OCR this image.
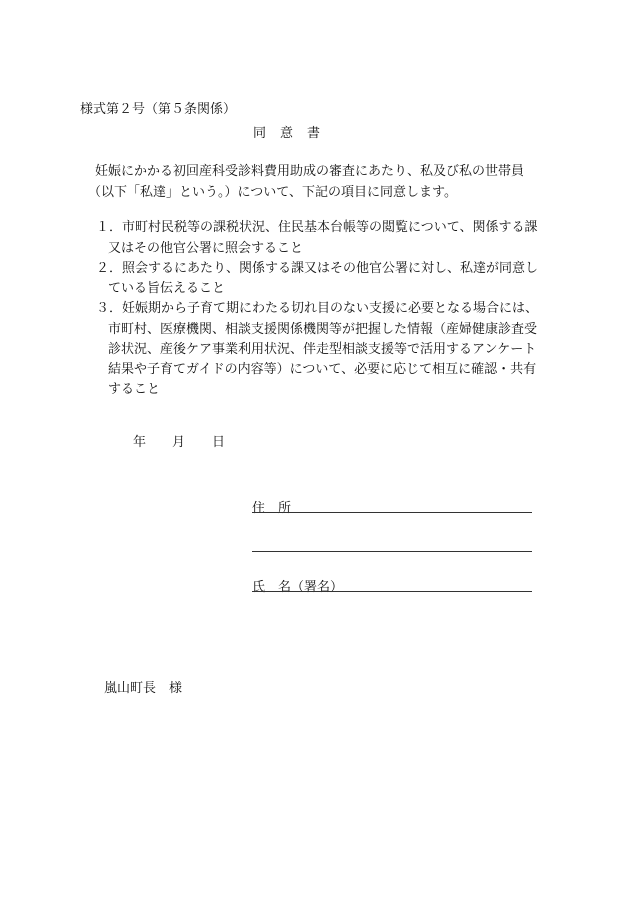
様式第２号（第５条関係）
同意書
妊娠にかかる初回産科受診料費用助成の審査にあたり、私及び私の世帯員
（以下「私達」という。）について、下記の項目に同意します。
１．市町村民税等の課税状況、住民基本台帳等の閲覧について、関係する課
又はその他官公署に照会すること
２．照会するにあたり、関係する課又はその他官公署に対し、私達が同意し
ている旨伝えること
３．妊娠期から子育て期にわたる切れ目のない支援に必要となる場合には、
市町村、医療機関、相談支援関係機関等が把握した情報（産婦健康診査受
診状況、産後ケア事業利用状況、伴走型相談支援等で活用するアンケート
結果や子育てガイドの内容等）について、必要に応じて相互に確認・共有
すること
年 月 日
住　所
氏　名（署名）
嵐山町長　様
